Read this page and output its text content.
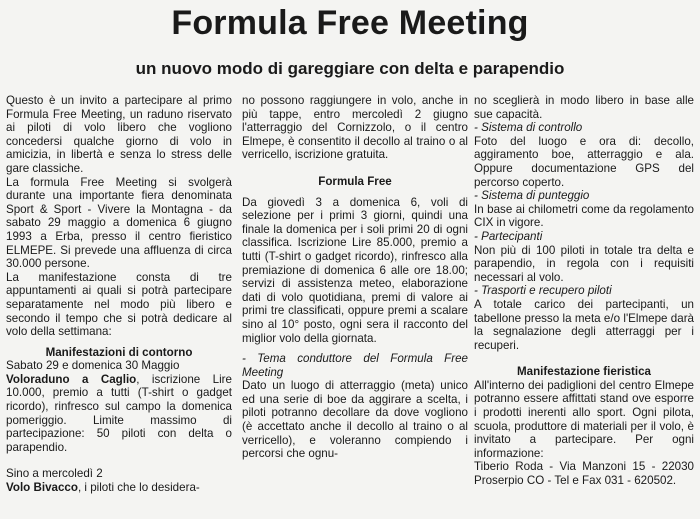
Formula Free Meeting
un nuovo modo di gareggiare con delta e parapendio

Questo è un invito a partecipare al primo Formula Free Meeting, un raduno riservato ai piloti di volo libero che vogliono concedersi qualche giorno di volo in amicizia, in libertà e senza lo stress delle gare classiche.

La formula Free Meeting si svolgerà durante una importante fiera denominata Sport & Sport - Vivere la Montagna - da sabato 29 maggio a domenica 6 giugno 1993 a Erba, presso il centro fieristico ELMEPE. Si prevede una affluenza di circa 30.000 persone.

La manifestazione consta di tre appuntamenti ai quali si potrà partecipare separatamente nel modo più libero e secondo il tempo che si potrà dedicare al volo della settimana:

Manifestazioni di contorno

Sabato 29 e domenica 30 Maggio

Voloraduno a Caglio, iscrizione Lire 10.000, premio a tutti (T-shirt o gadget ricordo), rinfresco sul campo la domenica pomeriggio. Limite massimo di partecipazione: 50 piloti con delta o parapendio.

Sino a mercoledì 2

Volo Bivacco, i piloti che lo desidera-

no possono raggiungere in volo, anche in più tappe, entro mercoledì 2 giugno l'atterraggio del Cornizzolo, o il centro Elmepe, è consentito il decollo al traino o al verricello, iscrizione gratuita.

Formula Free

Da giovedì 3 a domenica 6, voli di selezione per i primi 3 giorni, quindi una finale la domenica per i soli primi 20 di ogni classifica. Iscrizione Lire 85.000, premio a tutti (T-shirt o gadget ricordo), rinfresco alla premiazione di domenica 6 alle ore 18.00; servizi di assistenza meteo, elaborazione dati di volo quotidiana, premi di valore ai primi tre classificati, oppure premi a scalare sino al 10° posto, ogni sera il racconto del miglior volo della giornata.

- Tema conduttore del Formula Free Meeting

Dato un luogo di atterraggio (meta) unico ed una serie di boe da aggirare a scelta, i piloti potranno decollare da dove vogliono (è accettato anche il decollo al traino o al verricello), e voleranno compiendo i percorsi che ognu-

no sceglierà in modo libero in base alle sue capacità.

- Sistema di controllo

Foto del luogo e ora di: decollo, aggiramento boe, atterraggio e ala. Oppure documentazione GPS del percorso coperto.

- Sistema di punteggio

In base ai chilometri come da regolamento CIX in vigore.

- Partecipanti

Non più di 100 piloti in totale tra delta e parapendio, in regola con i requisiti necessari al volo.

- Trasporti e recupero piloti

A totale carico dei partecipanti, un tabellone presso la meta e/o l'Elmepe darà la segnalazione degli atterraggi per i recuperi.

Manifestazione fieristica

All'interno dei padiglioni del centro Elmepe potranno essere affittati stand ove esporre i prodotti inerenti allo sport. Ogni pilota, scuola, produttore di materiali per il volo, è invitato a partecipare. Per ogni informazione:

Tiberio Roda - Via Manzoni 15 - 22030 Proserpio CO - Tel e Fax 031 - 620502.
